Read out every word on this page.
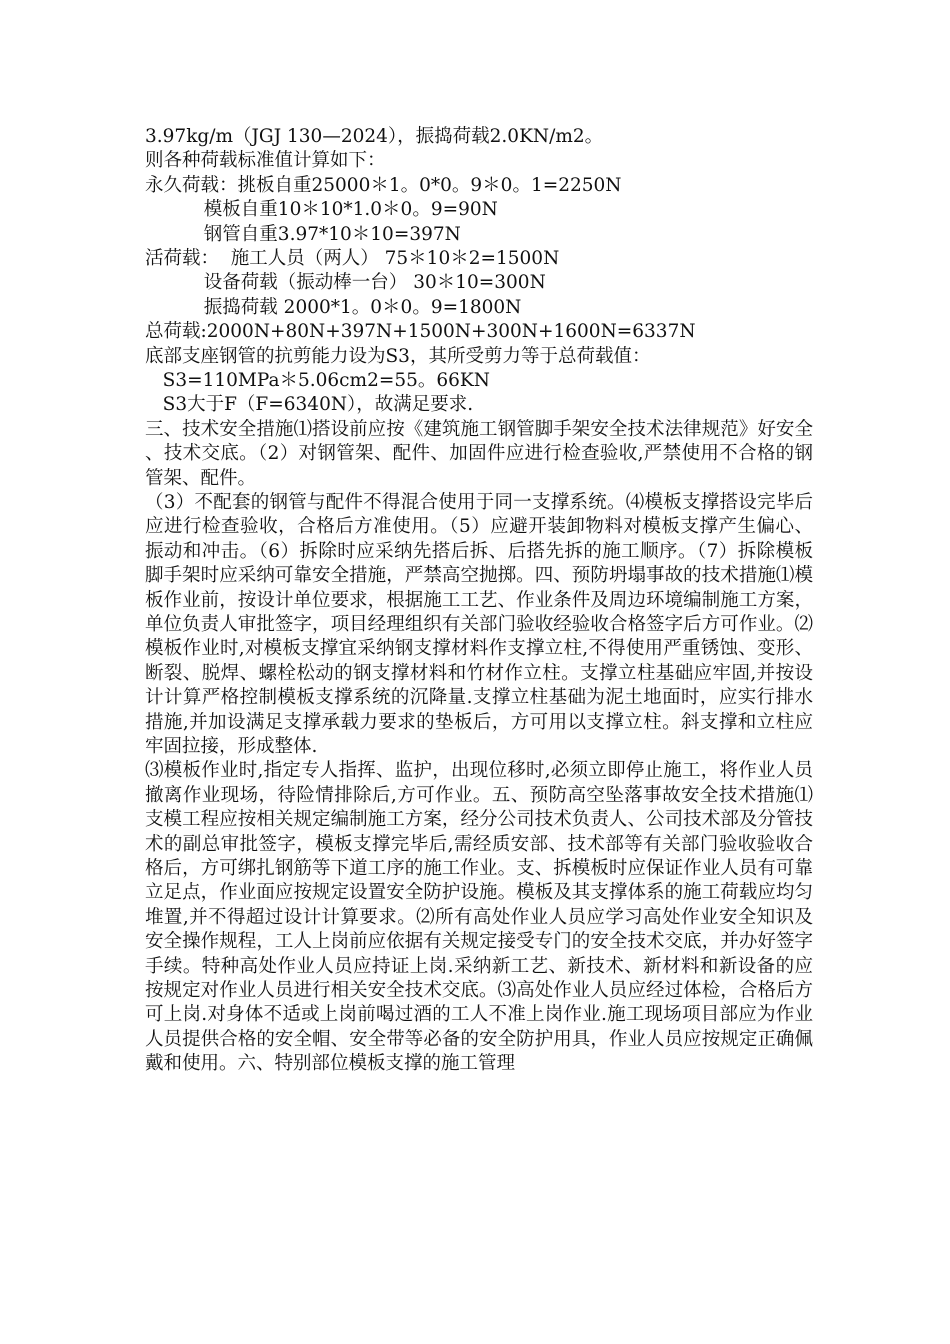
3.97kg/m（JGJ 130—2024），振捣荷载2.0KN/m2。
则各种荷载标准值计算如下：
永久荷载：挑板自重25000＊1。0*0。9＊0。1=2250N
模板自重10＊10*1.0＊0。9=90N
钢管自重3.97*10＊10=397N
活荷载：  施工人员（两人） 75＊10＊2=1500N
设备荷载（振动棒一台） 30＊10=300N
振捣荷载 2000*1。0＊0。9=1800N
总荷载:2000N+80N+397N+1500N+300N+1600N=6337N
底部支座钢管的抗剪能力设为S3，其所受剪力等于总荷载值：
S3=110MPa＊5.06cm2=55。66KN
S3大于F（F=6340N），故满足要求.
三、技术安全措施⑴搭设前应按《建筑施工钢管脚手架安全技术法律规范》好安全、技术交底。（2）对钢管架、配件、加固件应进行检查验收,严禁使用不合格的钢管架、配件。
（3）不配套的钢管与配件不得混合使用于同一支撑系统。⑷模板支撑搭设完毕后应进行检查验收，合格后方准使用。（5）应避开装卸物料对模板支撑产生偏心、振动和冲击。（6）拆除时应采纳先搭后拆、后搭先拆的施工顺序。（7）拆除模板脚手架时应采纳可靠安全措施，严禁高空抛掷。四、预防坍塌事故的技术措施⑴模板作业前，按设计单位要求，根据施工工艺、作业条件及周边环境编制施工方案，单位负责人审批签字，项目经理组织有关部门验收经验收合格签字后方可作业。⑵模板作业时,对模板支撑宜采纳钢支撑材料作支撑立柱,不得使用严重锈蚀、变形、断裂、脱焊、螺栓松动的钢支撑材料和竹材作立柱。支撑立柱基础应牢固,并按设计计算严格控制模板支撑系统的沉降量.支撑立柱基础为泥土地面时，应实行排水措施,并加设满足支撑承载力要求的垫板后，方可用以支撑立柱。斜支撑和立柱应牢固拉接，形成整体.
⑶模板作业时,指定专人指挥、监护，出现位移时,必须立即停止施工，将作业人员撤离作业现场，待险情排除后,方可作业。五、预防高空坠落事故安全技术措施⑴支模工程应按相关规定编制施工方案，经分公司技术负责人、公司技术部及分管技术的副总审批签字，模板支撑完毕后,需经质安部、技术部等有关部门验收验收合格后，方可绑扎钢筋等下道工序的施工作业。支、拆模板时应保证作业人员有可靠立足点，作业面应按规定设置安全防护设施。模板及其支撑体系的施工荷载应均匀堆置,并不得超过设计计算要求。⑵所有高处作业人员应学习高处作业安全知识及安全操作规程，工人上岗前应依据有关规定接受专门的安全技术交底，并办好签字手续。特种高处作业人员应持证上岗.采纳新工艺、新技术、新材料和新设备的应按规定对作业人员进行相关安全技术交底。⑶高处作业人员应经过体检，合格后方可上岗.对身体不适或上岗前喝过酒的工人不准上岗作业.施工现场项目部应为作业人员提供合格的安全帽、安全带等必备的安全防护用具，作业人员应按规定正确佩戴和使用。六、特别部位模板支撑的施工管理
